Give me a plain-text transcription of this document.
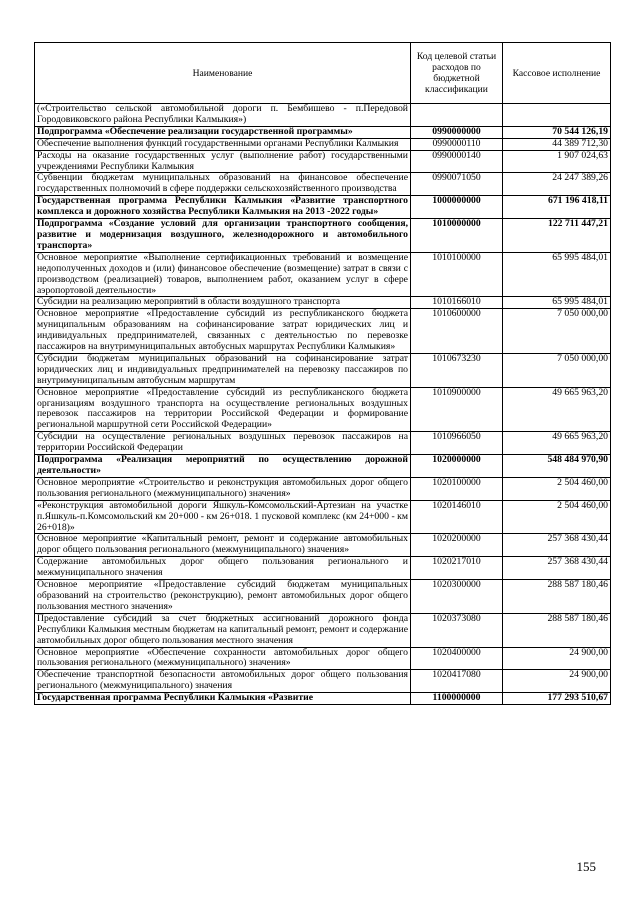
Наименование	Код целевой статьи расходов по бюджетной классификации	Кассовое исполнение
(«Строительство сельской автомобильной дороги п. Бембишево - п.Передовой Городовиковского района Республики Калмыкия»)		
Подпрограмма «Обеспечение реализации государственной программы»	0990000000	70 544 126,19
Обеспечение выполнения функций государственными органами Республики Калмыкия	0990000110	44 389 712,30
Расходы на оказание государственных услуг (выполнение работ) государственными учреждениями Республики Калмыкия	0990000140	1 907 024,63
Субвенции бюджетам муниципальных образований на финансовое обеспечение государственных полномочий в сфере поддержки сельскохозяйственного производства	0990071050	24 247 389,26
Государственная программа Республики Калмыкия «Развитие транспортного комплекса и дорожного хозяйства Республики Калмыкия на 2013 -2022 годы»	1000000000	671 196 418,11
Подпрограмма «Создание условий для организации транспортного сообщения, развитие и модернизация воздушного, железнодорожного и автомобильного транспорта»	1010000000	122 711 447,21
Основное мероприятие «Выполнение сертификационных требований и возмещение недополученных доходов и (или) финансовое обеспечение (возмещение) затрат в связи с производством (реализацией) товаров, выполнением работ, оказанием услуг в сфере аэропортовой деятельности»	1010100000	65 995 484,01
Субсидии на реализацию мероприятий в области воздушного транспорта	1010166010	65 995 484,01
Основное мероприятие «Предоставление субсидий из республиканского бюджета муниципальным образованиям на софинансирование затрат юридических лиц и индивидуальных предпринимателей, связанных с деятельностью по перевозке пассажиров на внутримуниципальных автобусных маршрутах Республики Калмыкия»	1010600000	7 050 000,00
Субсидии бюджетам муниципальных образований на софинансирование затрат юридических лиц и индивидуальных предпринимателей на перевозку пассажиров по внутримуниципальным автобусным маршрутам	1010673230	7 050 000,00
Основное мероприятие «Предоставление субсидий из республиканского бюджета организациям воздушного транспорта на осуществление региональных воздушных перевозок пассажиров на территории Российской Федерации и формирование региональной маршрутной сети Российской Федерации»	1010900000	49 665 963,20
Субсидии на осуществление региональных воздушных перевозок пассажиров на территории Российской Федерации	1010966050	49 665 963,20
Подпрограмма «Реализация мероприятий по осуществлению дорожной деятельности»	1020000000	548 484 970,90
Основное мероприятие «Строительство и реконструкция автомобильных дорог общего пользования регионального (межмуниципального) значения»	1020100000	2 504 460,00
«Реконструкция автомобильной дороги Яшкуль-Комсомольский-Артезиан на участке п.Яшкуль-п.Комсомольский км 20+000 - км 26+018. 1 пусковой комплекс (км 24+000 - км 26+018)»	1020146010	2 504 460,00
Основное мероприятие «Капитальный ремонт, ремонт и содержание автомобильных дорог общего пользования регионального (межмуниципального) значения»	1020200000	257 368 430,44
Содержание автомобильных дорог общего пользования регионального и межмуниципального значения	1020217010	257 368 430,44
Основное мероприятие «Предоставление субсидий бюджетам муниципальных образований на строительство (реконструкцию), ремонт автомобильных дорог общего пользования местного значения»	1020300000	288 587 180,46
Предоставление субсидий за счет бюджетных ассигнований дорожного фонда Республики Калмыкия местным бюджетам на капитальный ремонт, ремонт и содержание автомобильных дорог общего пользования местного значения	1020373080	288 587 180,46
Основное мероприятие «Обеспечение сохранности автомобильных дорог общего пользования регионального (межмуниципального) значения»	1020400000	24 900,00
Обеспечение транспортной безопасности автомобильных дорог общего пользования регионального (межмуниципального) значения	1020417080	24 900,00
Государственная программа Республики Калмыкия «Развитие	1100000000	177 293 510,67
155
